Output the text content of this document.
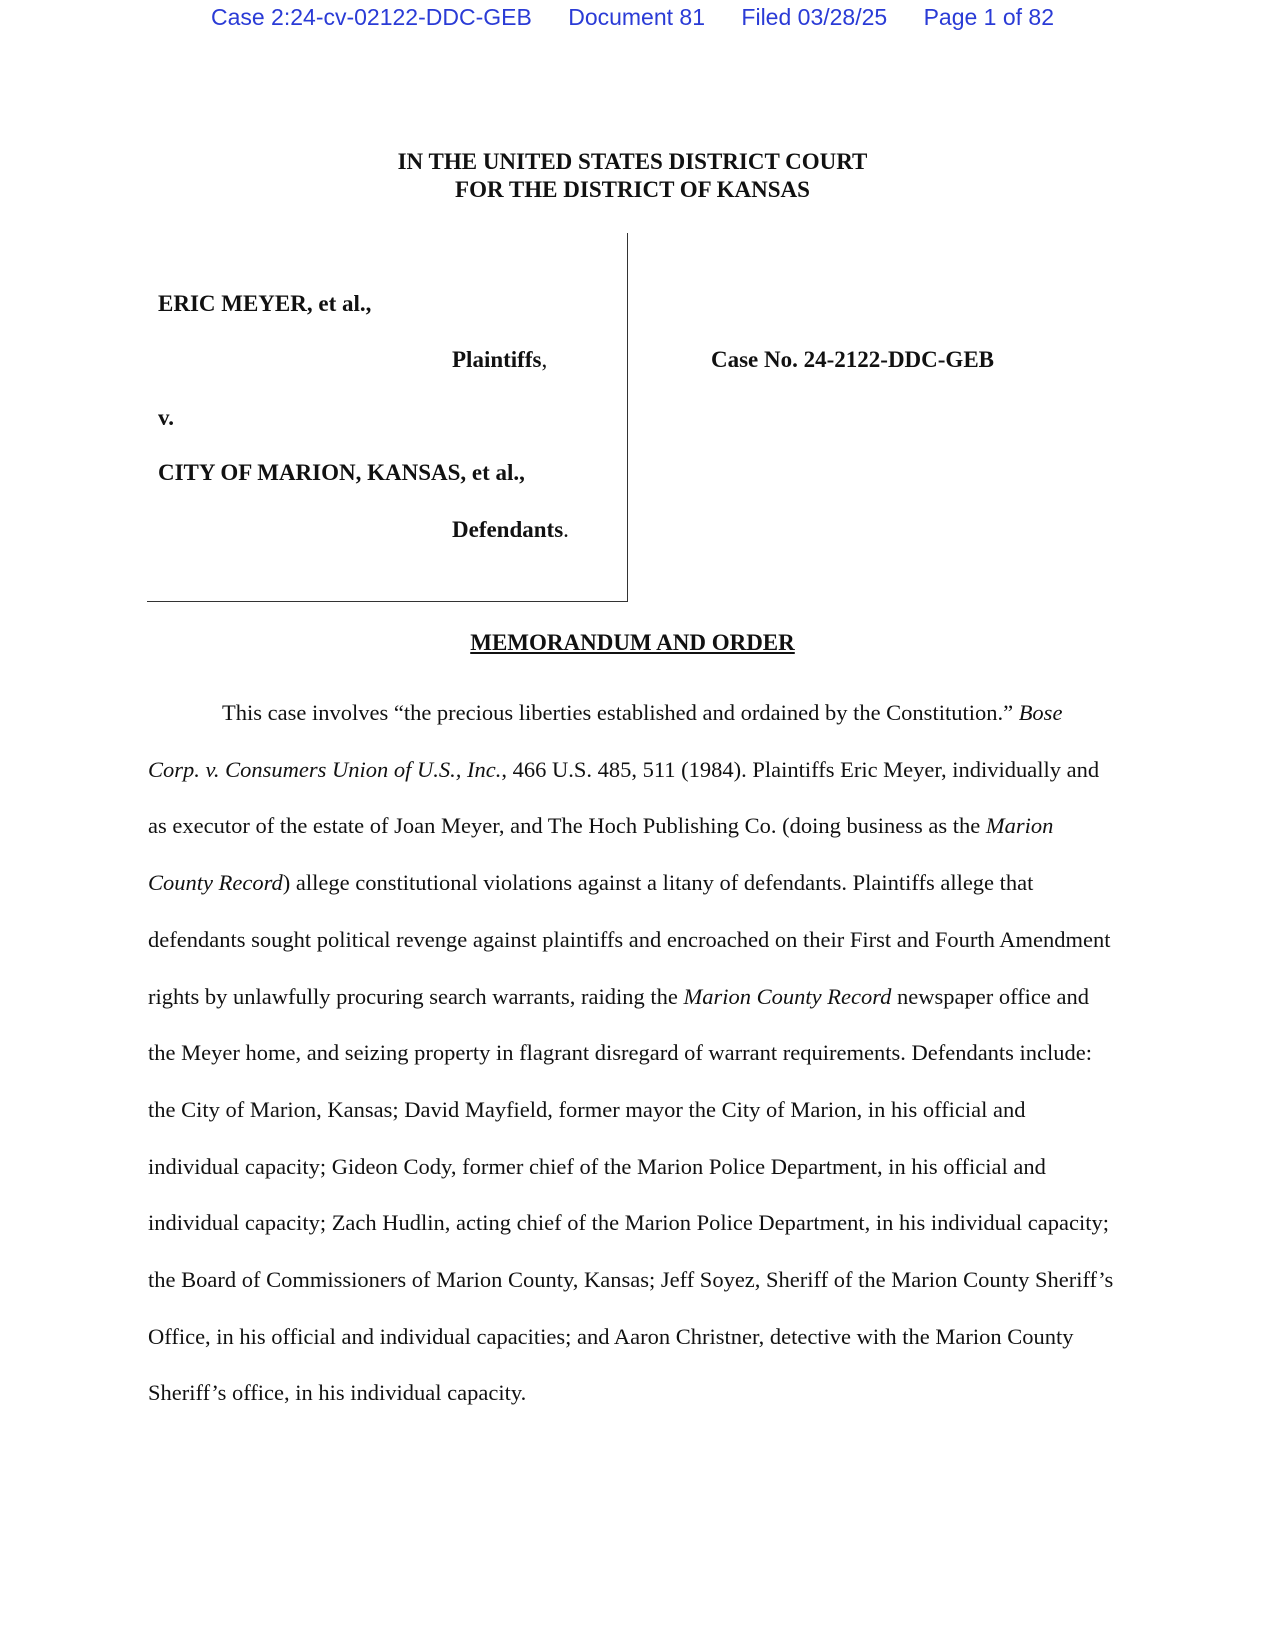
Case 2:24-cv-02122-DDC-GEB Document 81 Filed 03/28/25 Page 1 of 82
IN THE UNITED STATES DISTRICT COURT
FOR THE DISTRICT OF KANSAS
ERIC MEYER, et al.,
Plaintiffs,
v.
CITY OF MARION, KANSAS, et al.,
Defendants.
Case No. 24-2122-DDC-GEB
MEMORANDUM AND ORDER

This case involves “the precious liberties established and ordained by the Constitution.” Bose Corp. v. Consumers Union of U.S., Inc., 466 U.S. 485, 511 (1984). Plaintiffs Eric Meyer, individually and as executor of the estate of Joan Meyer, and The Hoch Publishing Co. (doing business as the Marion County Record) allege constitutional violations against a litany of defendants. Plaintiffs allege that defendants sought political revenge against plaintiffs and encroached on their First and Fourth Amendment rights by unlawfully procuring search warrants, raiding the Marion County Record newspaper office and the Meyer home, and seizing property in flagrant disregard of warrant requirements. Defendants include: the City of Marion, Kansas; David Mayfield, former mayor the City of Marion, in his official and individual capacity; Gideon Cody, former chief of the Marion Police Department, in his official and individual capacity; Zach Hudlin, acting chief of the Marion Police Department, in his individual capacity; the Board of Commissioners of Marion County, Kansas; Jeff Soyez, Sheriff of the Marion County Sheriff’s Office, in his official and individual capacities; and Aaron Christner, detective with the Marion County Sheriff’s office, in his individual capacity.
